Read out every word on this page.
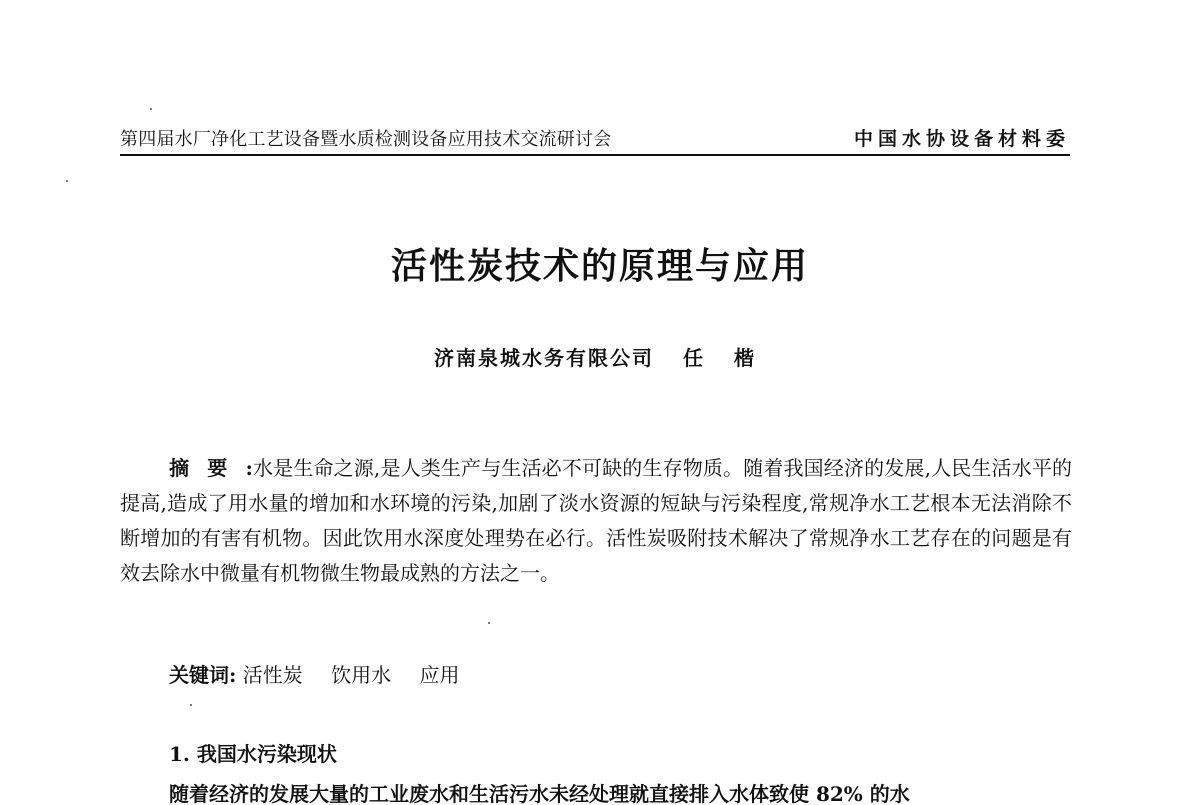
第四届水厂净化工艺设备暨水质检测设备应用技术交流研讨会	中国水协设备材料委
活性炭技术的原理与应用
济南泉城水务有限公司 任 楷

摘要:水是生命之源,是人类生产与生活必不可缺的生存物质。随着我国经济的发展,人民生活水平的提高,造成了用水量的增加和水环境的污染,加剧了淡水资源的短缺与污染程度,常规净水工艺根本无法消除不断增加的有害有机物。因此饮用水深度处理势在必行。活性炭吸附技术解决了常规净水工艺存在的问题是有效去除水中微量有机物微生物最成熟的方法之一。

关键词: 活性炭 饮用水 应用
1. 我国水污染现状
随着经济的发展大量的工业废水和生活污水未经处理就直接排入水体致使 82% 的水
